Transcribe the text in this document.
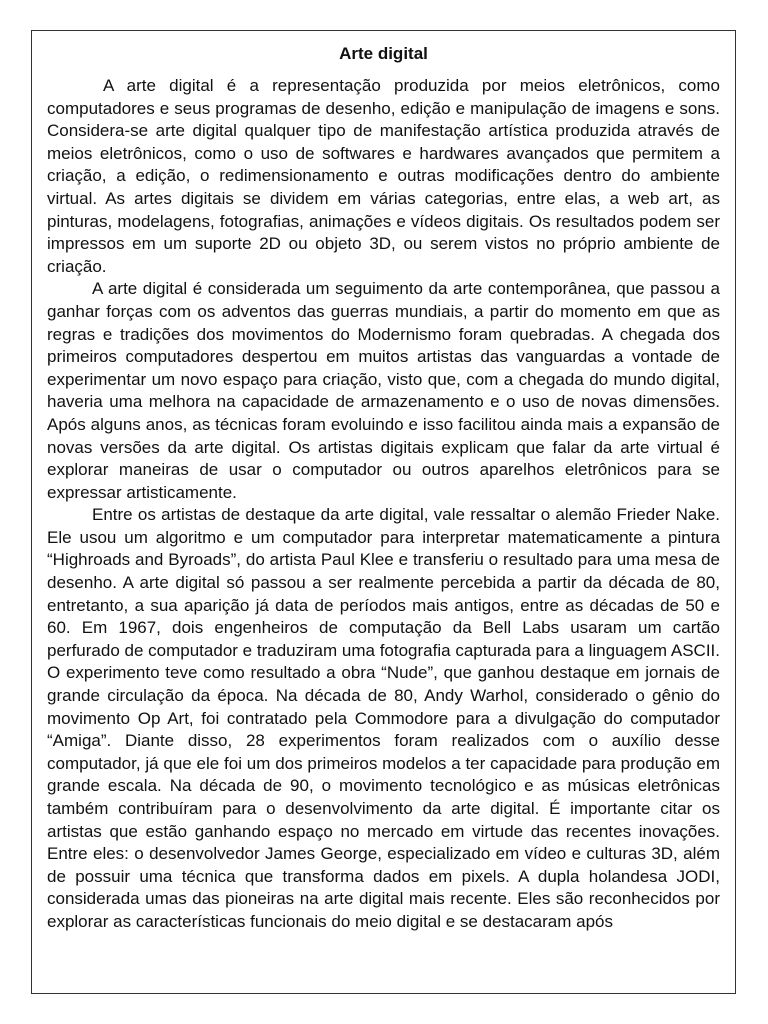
Arte digital

A arte digital é a representação produzida por meios eletrônicos, como computadores e seus programas de desenho, edição e manipulação de imagens e sons. Considera-se arte digital qualquer tipo de manifestação artística produzida através de meios eletrônicos, como o uso de softwares e hardwares avançados que permitem a criação, a edição, o redimensionamento e outras modificações dentro do ambiente virtual. As artes digitais se dividem em várias categorias, entre elas, a web art, as pinturas, modelagens, fotografias, animações e vídeos digitais. Os resultados podem ser impressos em um suporte 2D ou objeto 3D, ou serem vistos no próprio ambiente de criação.

A arte digital é considerada um seguimento da arte contemporânea, que passou a ganhar forças com os adventos das guerras mundiais, a partir do momento em que as regras e tradições dos movimentos do Modernismo foram quebradas. A chegada dos primeiros computadores despertou em muitos artistas das vanguardas a vontade de experimentar um novo espaço para criação, visto que, com a chegada do mundo digital, haveria uma melhora na capacidade de armazenamento e o uso de novas dimensões. Após alguns anos, as técnicas foram evoluindo e isso facilitou ainda mais a expansão de novas versões da arte digital. Os artistas digitais explicam que falar da arte virtual é explorar maneiras de usar o computador ou outros aparelhos eletrônicos para se expressar artisticamente.

Entre os artistas de destaque da arte digital, vale ressaltar o alemão Frieder Nake. Ele usou um algoritmo e um computador para interpretar matematicamente a pintura “Highroads and Byroads”, do artista Paul Klee e transferiu o resultado para uma mesa de desenho. A arte digital só passou a ser realmente percebida a partir da década de 80, entretanto, a sua aparição já data de períodos mais antigos, entre as décadas de 50 e 60. Em 1967, dois engenheiros de computação da Bell Labs usaram um cartão perfurado de computador e traduziram uma fotografia capturada para a linguagem ASCII. O experimento teve como resultado a obra “Nude”, que ganhou destaque em jornais de grande circulação da época. Na década de 80, Andy Warhol, considerado o gênio do movimento Op Art, foi contratado pela Commodore para a divulgação do computador “Amiga”. Diante disso, 28 experimentos foram realizados com o auxílio desse computador, já que ele foi um dos primeiros modelos a ter capacidade para produção em grande escala. Na década de 90, o movimento tecnológico e as músicas eletrônicas também contribuíram para o desenvolvimento da arte digital. É importante citar os artistas que estão ganhando espaço no mercado em virtude das recentes inovações. Entre eles: o desenvolvedor James George, especializado em vídeo e culturas 3D, além de possuir uma técnica que transforma dados em pixels. A dupla holandesa JODI, considerada umas das pioneiras na arte digital mais recente. Eles são reconhecidos por explorar as características funcionais do meio digital e se destacaram após
